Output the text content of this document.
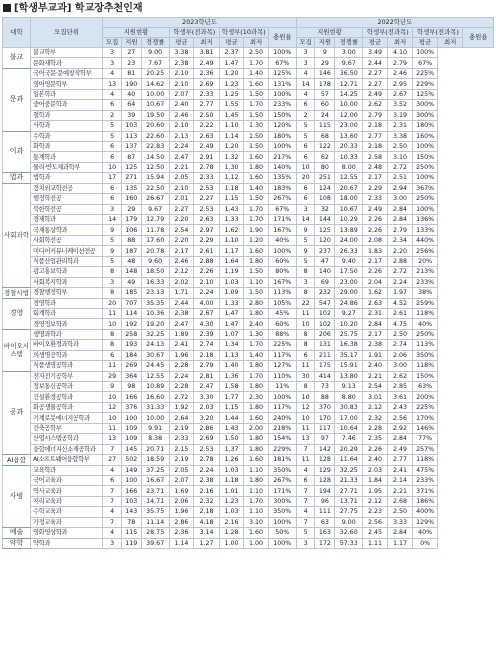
[학생부교과] 학교장추천인재
대학	모집단위	2023학년도								2022학년도							
		지원현황			학생부(전과목)		학생부(10과목)		충원율	지원현황			학생부(전과목)		학생부(전과목)		충원율
		모집	지원	경쟁률	평균	최저	평균	최저		모집	지원	경쟁률	평균	최저	평균	최저	
불교	불교학부	3	27	9.00	3.38	3.81	2.37	2.50	100%	3	9	3.00	3.49	4.10	100%		
	문화재학과	3	23	7.67	2.38	2.49	1.47	1.70	67%	3	29	9.67	2.44	2.79	67%		
문과	국어국문·문예창작학부	4	81	20.25	2.10	2.36	1.20	1.40	125%	4	146	36.50	2.27	2.46	225%		
	영어영문학부	13	190	14.62	2.10	2.69	1.23	1.60	131%	14	178	12.71	2.27	2.95	229%		
	일본학과	4	40	10.00	2.07	2.33	1.25	1.50	100%	4	57	14.25	2.49	2.67	125%		
	중어중문학과	6	64	10.67	2.40	2.77	1.55	1.70	233%	6	60	10.00	2.62	3.52	300%		
	철학과	2	39	19.50	2.46	2.50	1.45	1.50	150%	2	24	12.00	2.79	3.19	300%		
	사학과	5	103	20.60	2.10	2.22	1.10	1.30	120%	5	115	23.00	2.18	2.31	180%		
이과	수학과	5	113	22.60	2.13	2.63	1.14	1.50	180%	5	68	13.60	2.77	3.38	160%		
	화학과	6	137	22.83	2.24	2.49	1.20	1.50	100%	6	122	20.33	2.18	2.50	100%		
	통계학과	6	87	14.50	2.47	2.91	1.32	1.60	217%	6	62	10.33	2.58	3.10	150%		
	물리·반도체과학부	10	125	12.50	2.21	2.78	1.30	1.80	140%	10	80	8.00	2.48	2.72	250%		
법과	법학과	17	271	15.94	2.05	2.33	1.12	1.60	135%	20	251	12.55	2.17	2.51	100%		
사회과학	정치외교학전공	6	135	22.50	2.10	2.53	1.18	1.40	183%	6	124	20.67	2.29	2.94	367%		
	행정학전공	6	160	26.67	2.01	2.27	1.15	1.50	267%	6	108	18.00	2.33	3.00	250%		
	북한학전공	3	29	9.67	2.27	2.53	1.43	1.70	67%	3	32	10.67	2.49	2.84	100%		
	경제학과	14	179	12.79	2.20	2.63	1.33	1.70	171%	14	144	10.29	2.26	2.84	136%		
	국제통상학과	9	106	11.78	2.54	2.97	1.62	1.90	167%	9	125	13.89	2.26	2.79	133%		
	사회학전공	5	88	17.60	2.20	2.29	1.10	1.20	40%	5	120	24.00	2.08	2.34	440%		
	미디어커뮤니케이션전공	9	187	20.78	2.17	2.61	1.17	1.60	100%	9	237	26.33	1.83	2.20	256%		
	식품산업관리학과	5	48	9.60	2.46	2.88	1.64	1.80	60%	5	47	9.40	2.17	2.88	20%		
	광고홍보학과	8	148	18.50	2.12	2.26	1.19	1.50	80%	8	140	17.50	2.26	2.72	213%		
	사회복지학과	3	49	16.33	2.02	2.10	1.03	1.10	167%	3	69	23.00	2.04	2.24	233%		
경찰사법	경찰행정학부	8	185	23.13	1.71	2.24	1.09	1.50	113%	8	232	29.00	1.62	1.97	38%		
경영	경영학과	20	707	35.35	2.44	4.00	1.33	2.80	105%	22	547	24.86	2.63	4.52	259%		
	회계학과	11	114	10.36	2.38	2.67	1.47	1.80	45%	11	102	9.27	2.31	2.61	118%		
	경영정보학과	10	192	19.20	2.47	4.30	1.47	2.40	60%	10	102	10.20	2.84	4.75	40%		
바이오시스템	생명과학과	8	258	32.25	1.89	2.39	1.07	1.30	88%	8	206	25.75	2.17	2.50	250%		
	바이오환경과학과	8	193	24.13	2.41	2.74	1.34	1.70	225%	8	131	16.38	2.38	2.74	113%		
	의생명공학과	6	184	30.67	1.96	2.18	1.13	1.40	117%	6	211	35.17	1.91	2.06	350%		
	식품생명공학과	11	269	24.45	2.28	2.79	1.40	1.80	127%	11	175	15.91	2.40	3.00	118%		
공과	전자전기공학부	29	364	12.55	2.24	2.81	1.36	1.70	110%	30	414	13.80	2.21	2.62	150%		
	정보통신공학과	9	98	10.89	2.28	2.47	1.58	1.80	11%	8	73	9.13	2.54	2.85	63%		
	건설환경공학과	10	166	16.60	2.72	3.30	1.77	2.30	100%	10	88	8.80	3.01	3.61	200%		
	화공생물공학과	12	376	31.33	1.92	2.03	1.15	1.80	117%	12	370	30.83	2.12	2.43	225%		
	기계로봇에너지공학과	10	100	10.00	2.64	3.20	1.44	1.60	240%	10	170	17.00	2.32	2.56	170%		
	건축공학부	11	109	9.91	2.19	2.86	1.43	2.00	218%	11	117	10.64	2.28	2.92	146%		
	산업시스템공학과	13	109	8.38	2.33	2.69	1.50	1.80	154%	13	97	7.46	2.35	2.84	77%		
	융합에너지신소재공학과	7	145	20.71	2.15	2.53	1.37	1.80	229%	7	142	20.29	2.26	2.49	257%		
AI융합	AI소프트웨어융합학부	27	502	18.59	2.19	2.78	1.26	1.60	181%	11	128	11.64	2.40	2.77	118%		
사범	교육학과	4	149	37.25	2.05	2.24	1.03	1.10	350%	4	129	32.25	2.03	2.41	475%		
	국어교육과	6	100	16.67	2.07	2.38	1.18	1.80	267%	6	128	21.33	1.84	2.14	233%		
	역사교육과	7	166	23.71	1.69	2.16	1.01	1.10	171%	7	194	27.71	1.95	2.21	371%		
	지리교육과	7	103	14.71	2.06	2.32	1.23	1.70	300%	7	96	13.71	2.12	2.68	186%		
	수학교육과	4	143	35.75	1.96	2.18	1.03	1.10	350%	4	111	27.75	2.23	2.50	400%		
	가정교육과	7	78	11.14	2.86	4.18	2.16	3.10	100%	7	63	9.00	2.56	3.33	129%		
예술	영화영상학과	4	115	28.75	2.36	3.14	1.28	1.60	50%	5	163	32.60	2.45	2.84	40%		
약학	약학과	3	119	39.67	1.14	1.27	1.00	1.00	100%	3	172	57.33	1.11	1.17	0%		
